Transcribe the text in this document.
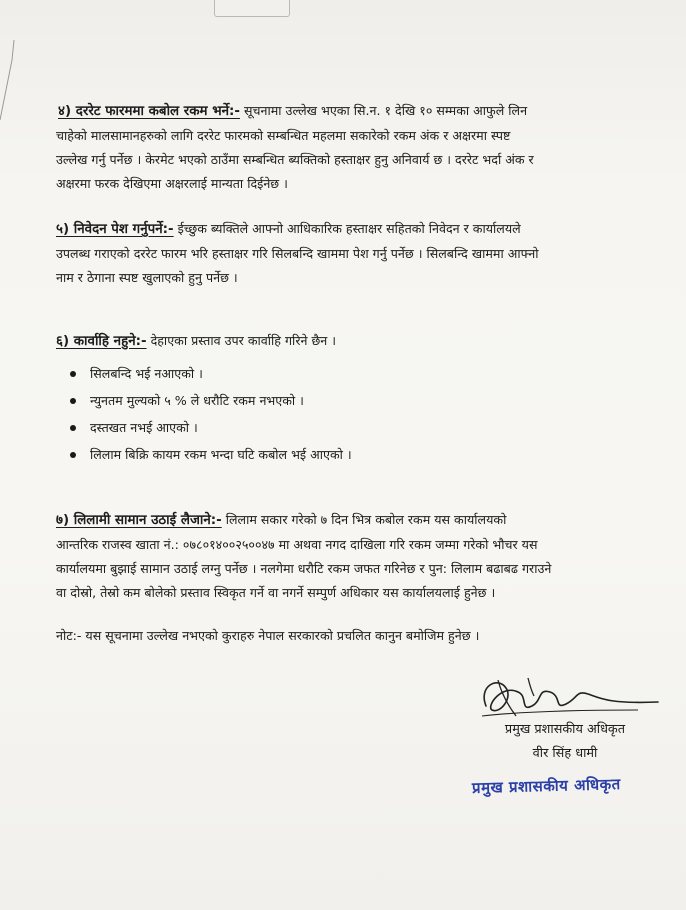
४) दररेट फारममा कबोल रकम भर्ने:- सूचनामा उल्लेख भएका सि.न. १ देखि १० सम्मका आफुले लिन

चाहेको मालसामानहरुको लागि दररेट फारमको सम्बन्धित महलमा सकारेको रकम अंक र अक्षरमा स्पष्ट

उल्लेख गर्नु पर्नेछ । केरमेट भएको ठाउँमा सम्बन्धित ब्यक्तिको हस्ताक्षर हुनु अनिवार्य छ । दररेट भर्दा अंक र

अक्षरमा फरक देखिएमा अक्षरलाई मान्यता दिईनेछ ।

५) निवेदन पेश गर्नुपर्ने:- ईच्छुक ब्यक्तिले आफ्नो आधिकारिक हस्ताक्षर सहितको निवेदन र कार्यालयले

उपलब्ध गराएको दररेट फारम भरि हस्ताक्षर गरि सिलबन्दि खाममा पेश गर्नु पर्नेछ । सिलबन्दि खाममा आफ्नो

नाम र ठेगाना स्पष्ट खुलाएको हुनु पर्नेछ ।

६) कार्वाहि नहुने:- देहाएका प्रस्ताव उपर कार्वाहि गरिने छैन ।

सिलबन्दि भई नआएको ।
न्युनतम मुल्यको ५ % ले धरौटि रकम नभएको ।
दस्तखत नभई आएको ।
लिलाम बिक्रि कायम रकम भन्दा घटि कबोल भई आएको ।

७) लिलामी सामान उठाई लैजाने:- लिलाम सकार गरेको ७ दिन भित्र कबोल रकम यस कार्यालयको

आन्तरिक राजस्व खाता नं.: ०७८०१४००२५००४७ मा अथवा नगद दाखिला गरि रकम जम्मा गरेको भौचर यस

कार्यालयमा बुझाई सामान उठाई लग्नु पर्नेछ । नलगेमा धरौटि रकम जफत गरिनेछ र पुन: लिलाम बढाबढ गराउने

वा दोस्रो, तेस्रो कम बोलेको प्रस्ताव स्विकृत गर्ने वा नगर्ने सम्पुर्ण अधिकार यस कार्यालयलाई हुनेछ ।

नोट:- यस सूचनामा उल्लेख नभएको कुराहरु नेपाल सरकारको प्रचलित कानुन बमोजिम हुनेछ ।

प्रमुख प्रशासकीय अधिकृत
वीर सिंह धामी
प्रमुख प्रशासकीय अधिकृत
